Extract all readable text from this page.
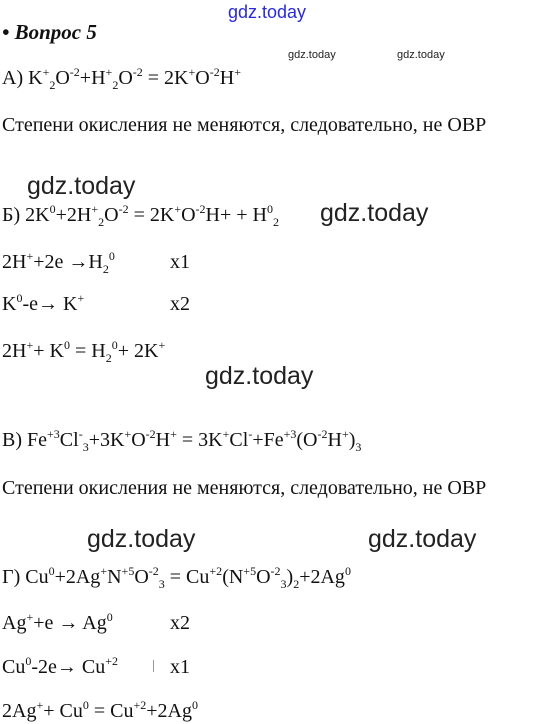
gdz.today
gdz.today	gdz.today
gdz.today
gdz.today
gdz.today
gdz.today	gdz.today
• Вопрос 5
А) $K^+_2O^{-2}+H^+_2O^{-2} = 2K^+O^{-2}H^+$
Степени окисления не меняются, следовательно, не ОВР
Б) $2K^0+2H^+_2O^{-2} = 2K^+O^{-2}H+ + H^0_2$
$2H^++2e \to H_2^0$	x1
$K^0-e\to K^+$	x2
$2H^++ K^0 = H_2^0+ 2K^+$
В) $Fe^{+3}Cl^-_3+3K^+O^{-2}H^+ = 3K^+Cl^-+Fe^{+3}(O^{-2}H^+)_3$
Степени окисления не меняются, следовательно, не ОВР
Г) $Cu^0+2Ag^+N^{+5}O^{-2}_3 = Cu^{+2}(N^{+5}O^{-2}_3)_2+2Ag^0$
$Ag^++e \to Ag^0$	x2
$Cu^0-2e\to Cu^{+2}$	x1
$2Ag^++ Cu^0 = Cu^{+2}+2Ag^0$
